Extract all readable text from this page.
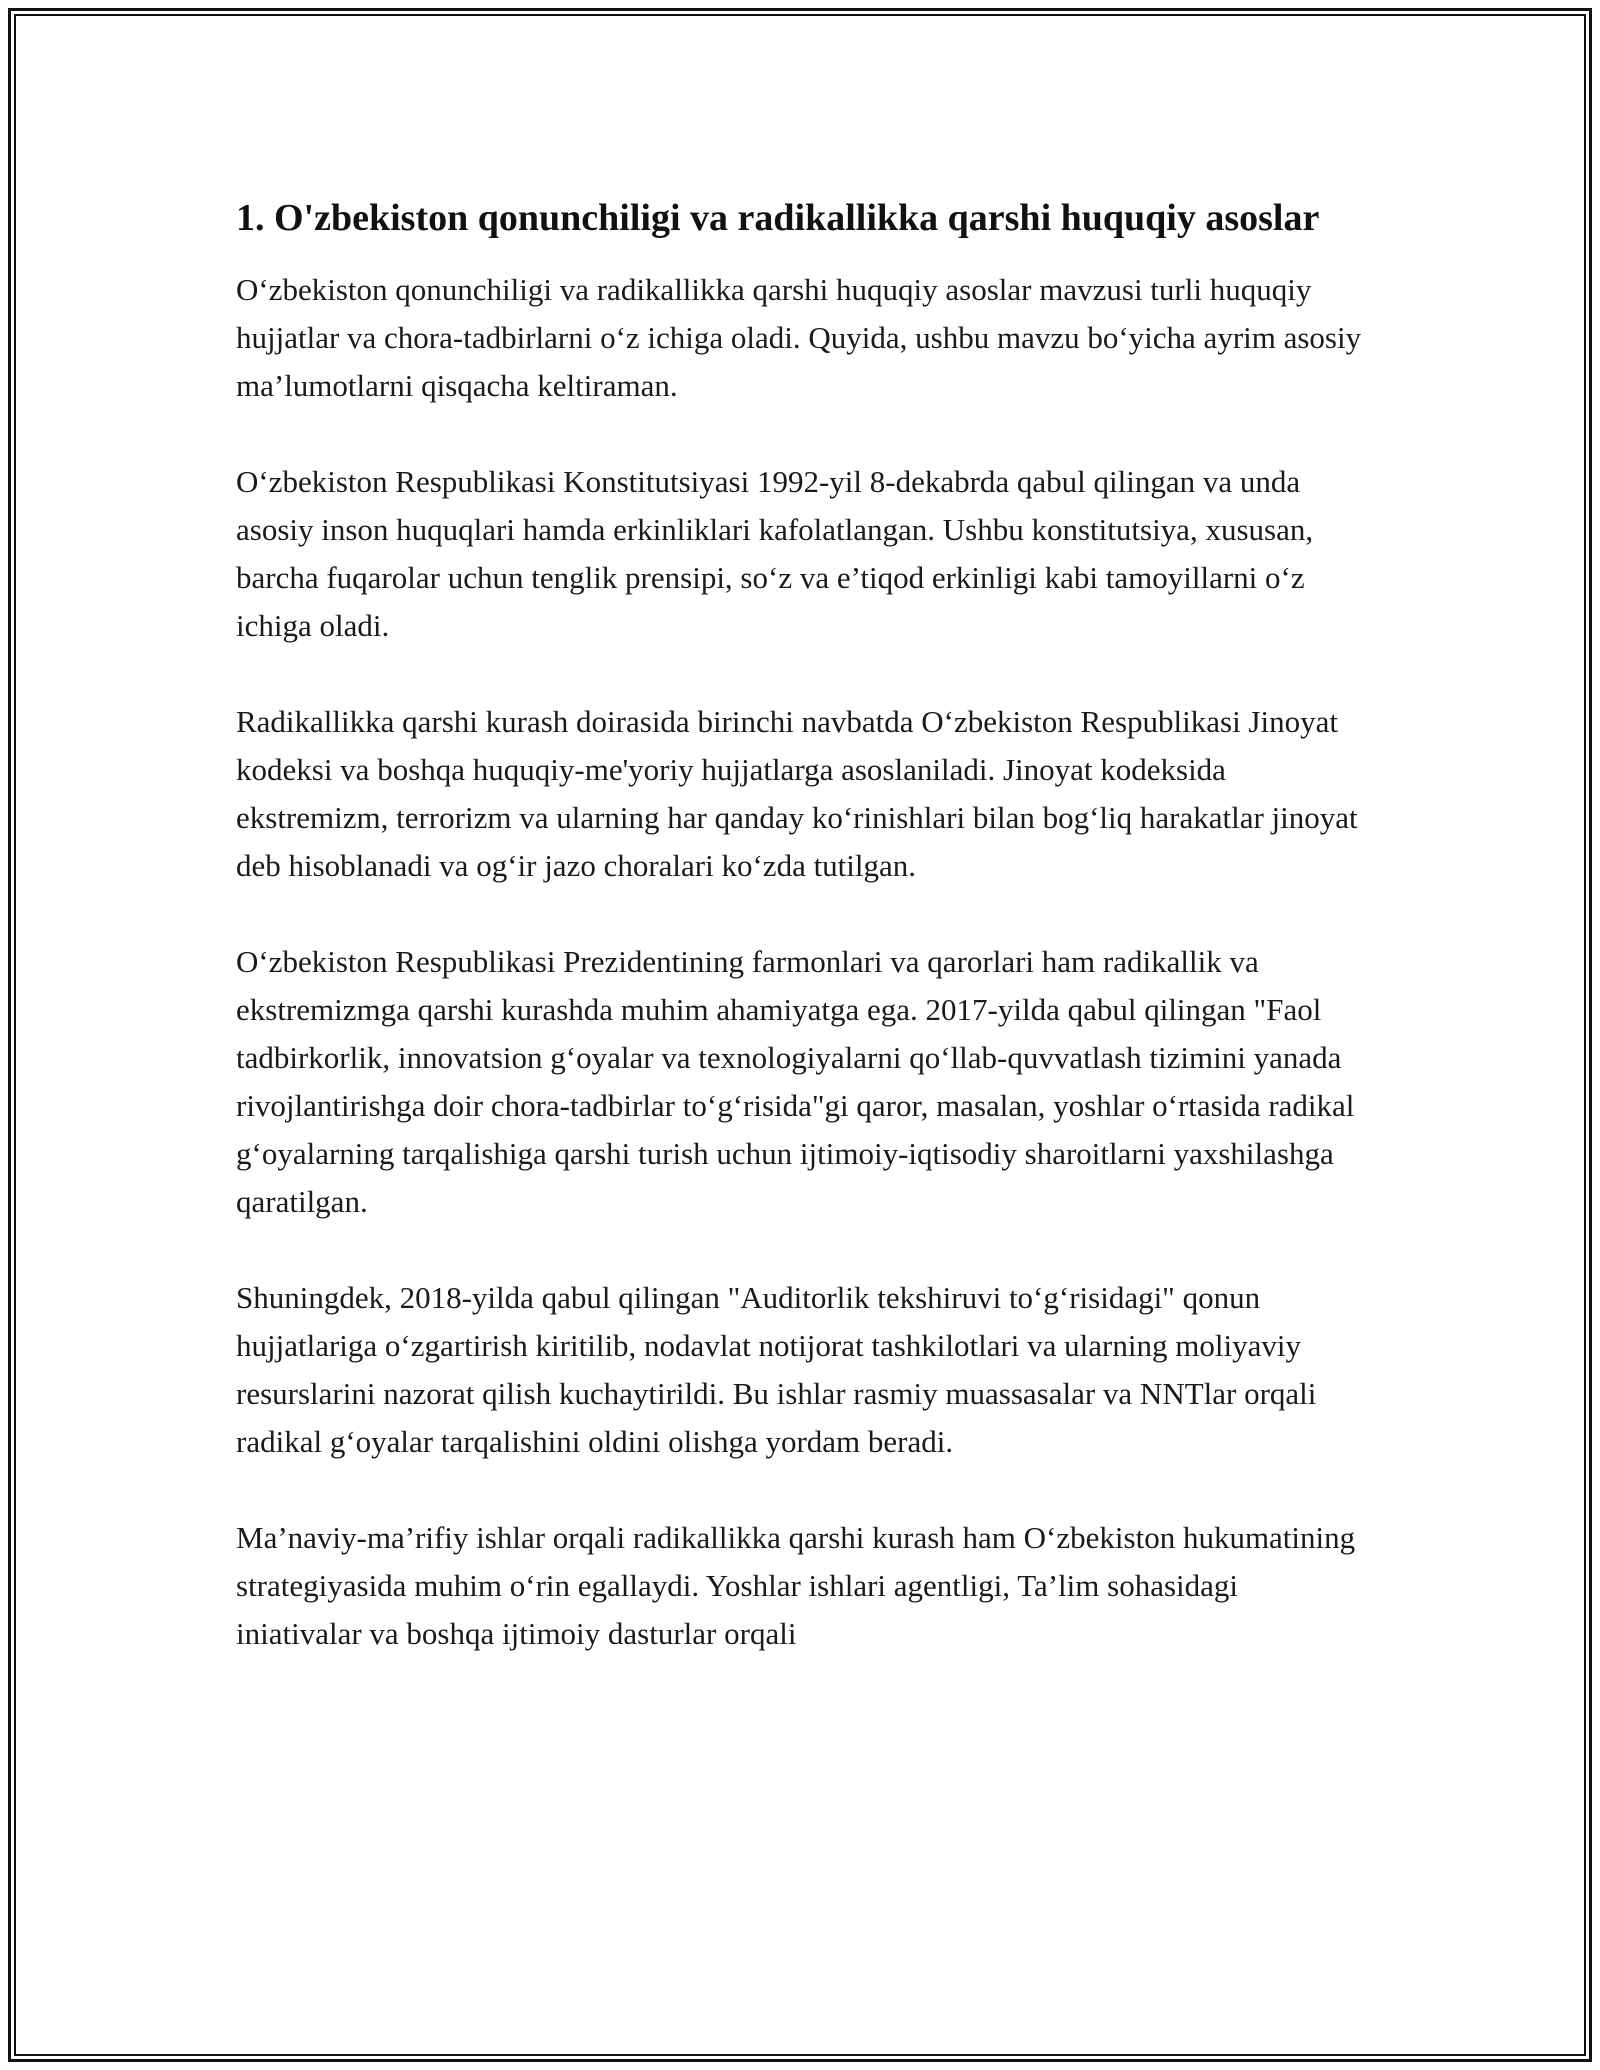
1. O'zbekiston qonunchiligi va radikallikka qarshi huquqiy asoslar

O‘zbekiston qonunchiligi va radikallikka qarshi huquqiy asoslar mavzusi turli huquqiy hujjatlar va chora-tadbirlarni o‘z ichiga oladi. Quyida, ushbu mavzu bo‘yicha ayrim asosiy ma’lumotlarni qisqacha keltiraman.

O‘zbekiston Respublikasi Konstitutsiyasi 1992-yil 8-dekabrda qabul qilingan va unda asosiy inson huquqlari hamda erkinliklari kafolatlangan. Ushbu konstitutsiya, xususan, barcha fuqarolar uchun tenglik prensipi, so‘z va e’tiqod erkinligi kabi tamoyillarni o‘z ichiga oladi.

Radikallikka qarshi kurash doirasida birinchi navbatda O‘zbekiston Respublikasi Jinoyat kodeksi va boshqa huquqiy-me'yoriy hujjatlarga asoslaniladi. Jinoyat kodeksida ekstremizm, terrorizm va ularning har qanday ko‘rinishlari bilan bog‘liq harakatlar jinoyat deb hisoblanadi va og‘ir jazo choralari ko‘zda tutilgan.

O‘zbekiston Respublikasi Prezidentining farmonlari va qarorlari ham radikallik va ekstremizmga qarshi kurashda muhim ahamiyatga ega. 2017-yilda qabul qilingan "Faol tadbirkorlik, innovatsion g‘oyalar va texnologiyalarni qo‘llab-quvvatlash tizimini yanada rivojlantirishga doir chora-tadbirlar to‘g‘risida"gi qaror, masalan, yoshlar o‘rtasida radikal g‘oyalarning tarqalishiga qarshi turish uchun ijtimoiy-iqtisodiy sharoitlarni yaxshilashga qaratilgan.

Shuningdek, 2018-yilda qabul qilingan "Auditorlik tekshiruvi to‘g‘risidagi" qonun hujjatlariga o‘zgartirish kiritilib, nodavlat notijorat tashkilotlari va ularning moliyaviy resurslarini nazorat qilish kuchaytirildi. Bu ishlar rasmiy muassasalar va NNTlar orqali radikal g‘oyalar tarqalishini oldini olishga yordam beradi.

Ma’naviy-ma’rifiy ishlar orqali radikallikka qarshi kurash ham O‘zbekiston hukumatining strategiyasida muhim o‘rin egallaydi. Yoshlar ishlari agentligi, Ta’lim sohasidagi iniativalar va boshqa ijtimoiy dasturlar orqali
